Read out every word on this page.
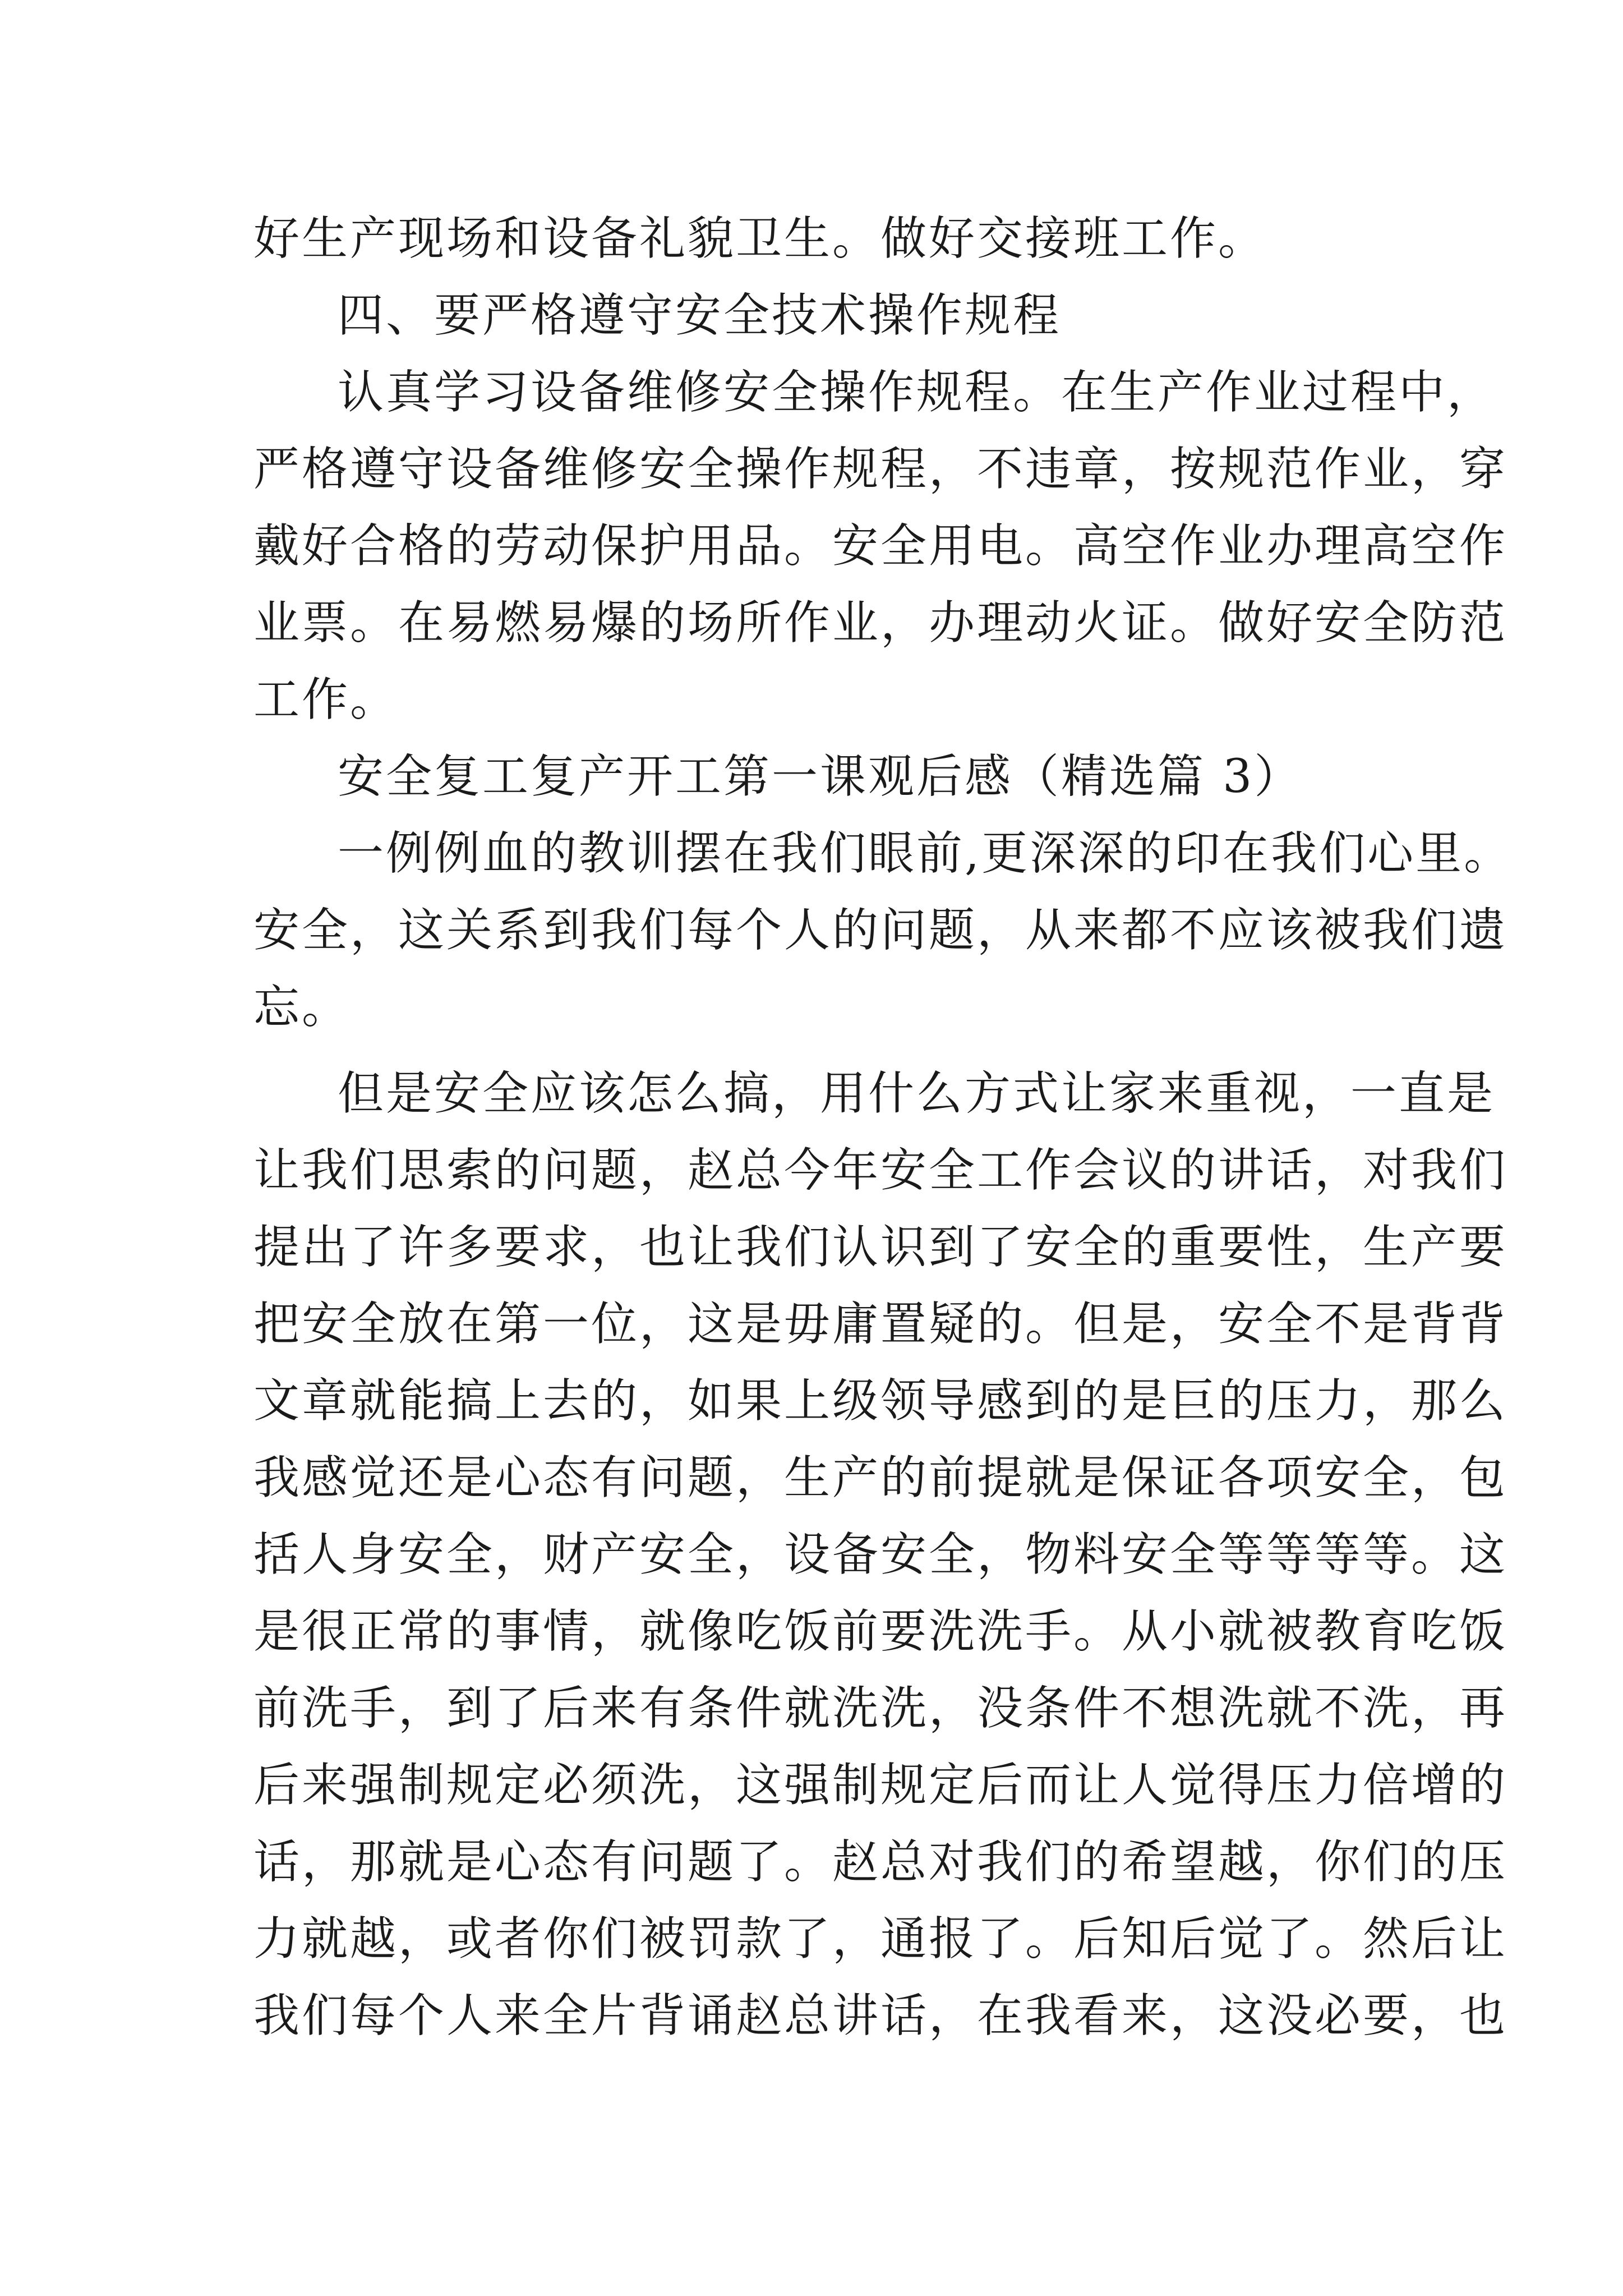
好生产现场和设备礼貌卫生。做好交接班工作。
四、要严格遵守安全技术操作规程
认真学习设备维修安全操作规程。在生产作业过程中，
严格遵守设备维修安全操作规程，不违章，按规范作业，穿
戴好合格的劳动保护用品。安全用电。高空作业办理高空作
业票。在易燃易爆的场所作业，办理动火证。做好安全防范
工作。
安全复工复产开工第一课观后感（精选篇 3）
一例例血的教训摆在我们眼前,更深深的印在我们心里。
安全，这关系到我们每个人的问题，从来都不应该被我们遗
忘。
但是安全应该怎么搞，用什么方式让家来重视，一直是
让我们思索的问题，赵总今年安全工作会议的讲话，对我们
提出了许多要求，也让我们认识到了安全的重要性，生产要
把安全放在第一位，这是毋庸置疑的。但是，安全不是背背
文章就能搞上去的，如果上级领导感到的是巨的压力，那么
我感觉还是心态有问题，生产的前提就是保证各项安全，包
括人身安全，财产安全，设备安全，物料安全等等等等。这
是很正常的事情，就像吃饭前要洗洗手。从小就被教育吃饭
前洗手，到了后来有条件就洗洗，没条件不想洗就不洗，再
后来强制规定必须洗，这强制规定后而让人觉得压力倍增的
话，那就是心态有问题了。赵总对我们的希望越，你们的压
力就越，或者你们被罚款了，通报了。后知后觉了。然后让
我们每个人来全片背诵赵总讲话，在我看来，这没必要，也
